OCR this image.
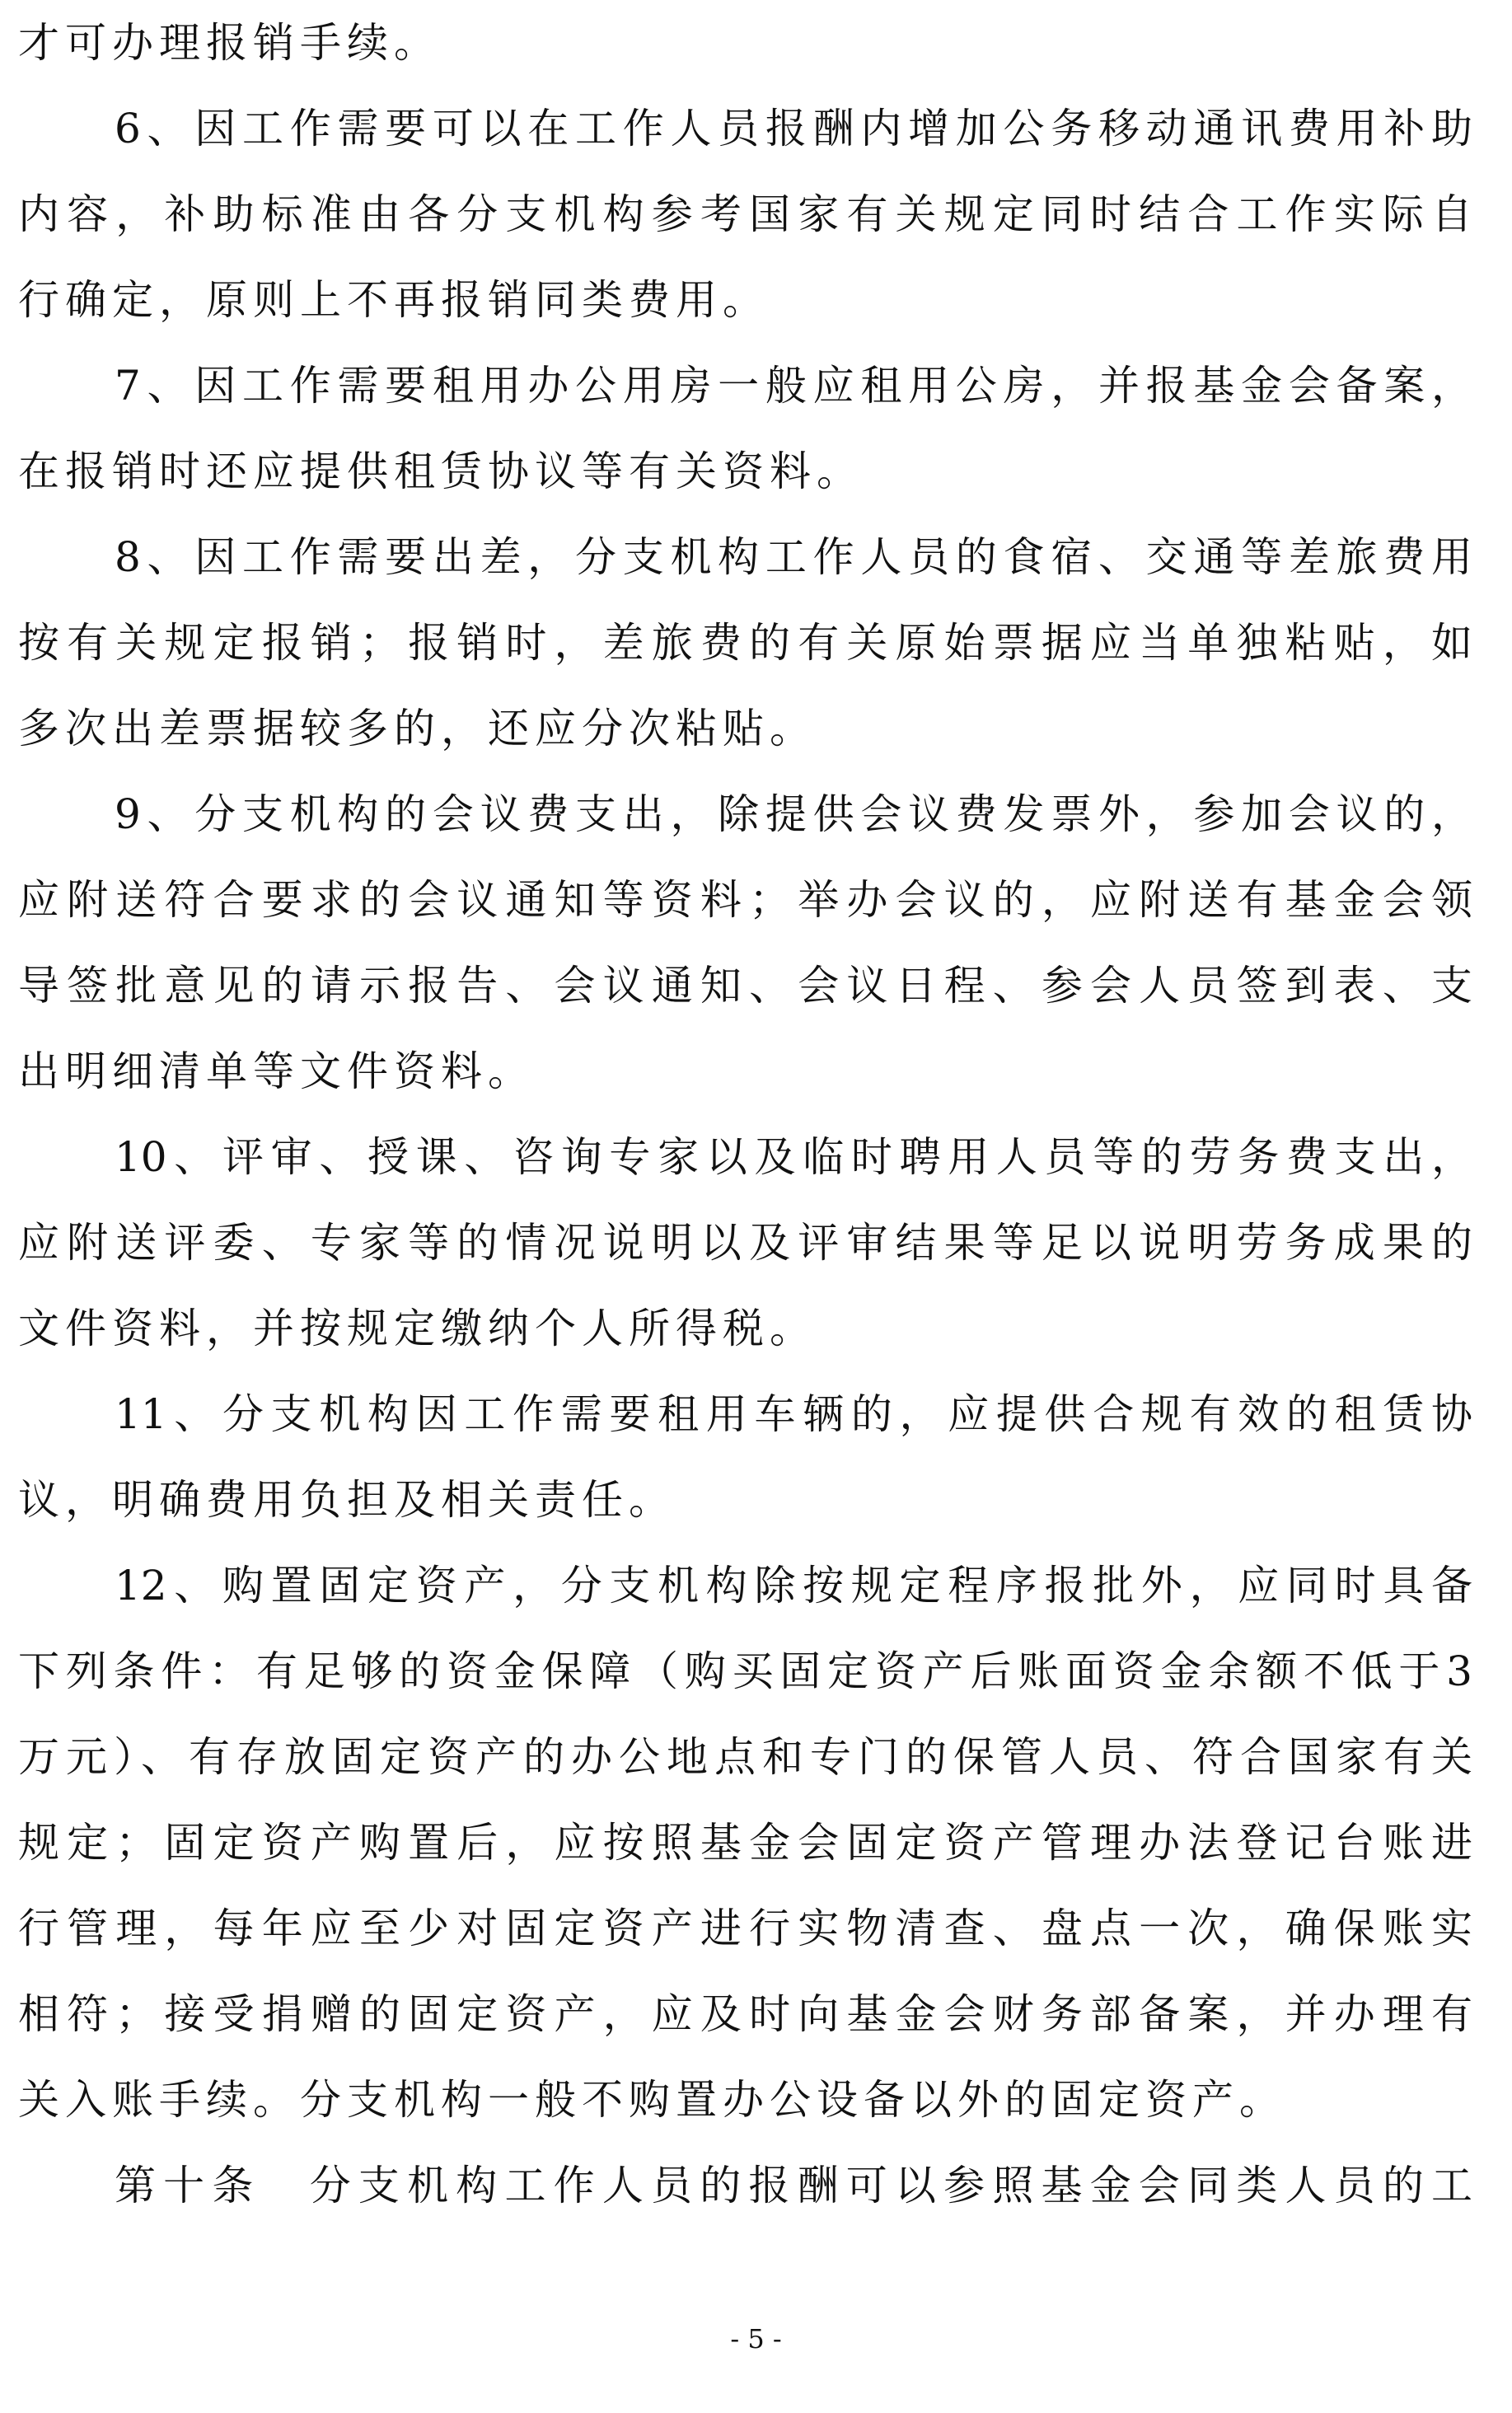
才可办理报销手续。
6、因工作需要可以在工作人员报酬内增加公务移动通讯费用补助
内容，补助标准由各分支机构参考国家有关规定同时结合工作实际自
行确定，原则上不再报销同类费用。
7、因工作需要租用办公用房一般应租用公房，并报基金会备案，
在报销时还应提供租赁协议等有关资料。
8、因工作需要出差，分支机构工作人员的食宿、交通等差旅费用
按有关规定报销；报销时，差旅费的有关原始票据应当单独粘贴，如
多次出差票据较多的，还应分次粘贴。
9、分支机构的会议费支出，除提供会议费发票外，参加会议的，
应附送符合要求的会议通知等资料；举办会议的，应附送有基金会领
导签批意见的请示报告、会议通知、会议日程、参会人员签到表、支
出明细清单等文件资料。
10、评审、授课、咨询专家以及临时聘用人员等的劳务费支出，
应附送评委、专家等的情况说明以及评审结果等足以说明劳务成果的
文件资料，并按规定缴纳个人所得税。
11、分支机构因工作需要租用车辆的，应提供合规有效的租赁协
议，明确费用负担及相关责任。
12、购置固定资产，分支机构除按规定程序报批外，应同时具备
下列条件：有足够的资金保障（购买固定资产后账面资金余额不低于3
万元）、有存放固定资产的办公地点和专门的保管人员、符合国家有关
规定；固定资产购置后，应按照基金会固定资产管理办法登记台账进
行管理，每年应至少对固定资产进行实物清查、盘点一次，确保账实
相符；接受捐赠的固定资产，应及时向基金会财务部备案，并办理有
关入账手续。分支机构一般不购置办公设备以外的固定资产。
第十条　分支机构工作人员的报酬可以参照基金会同类人员的工
- 5 -
